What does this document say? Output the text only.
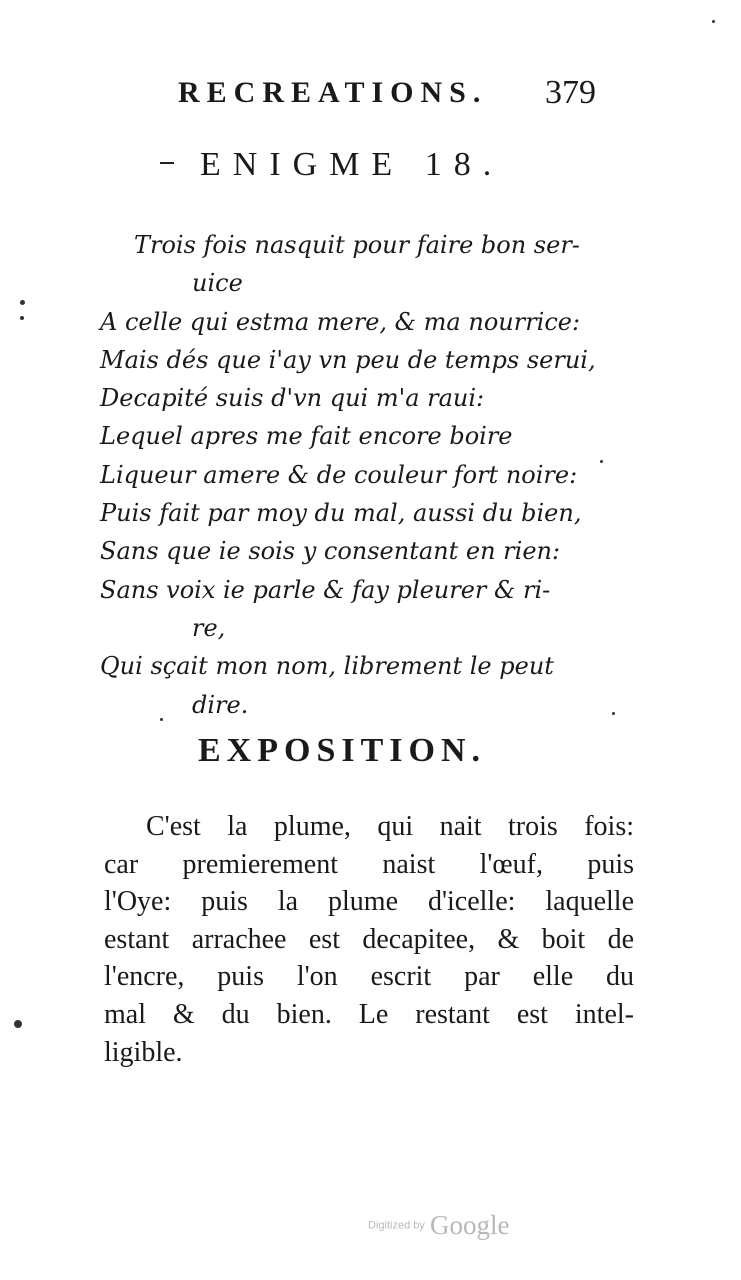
RECREATIONS. 379
ENIGME 18.
Trois fois nasquit pour faire bon ser-
uice
A celle qui estma mere, & ma nourrice:
Mais dés que i'ay vn peu de temps serui,
Decapité suis d'vn qui m'a raui:
Lequel apres me fait encore boire
Liqueur amere & de couleur fort noire:
Puis fait par moy du mal, aussi du bien,
Sans que ie sois y consentant en rien:
Sans voix ie parle & fay pleurer & ri-
re,
Qui sçait mon nom, librement le peut
dire.
EXPOSITION.
C'est la plume, qui nait trois fois:
car premierement naist l'œuf, puis
l'Oye: puis la plume d'icelle: laquelle
estant arrachee est decapitee, & boit de
l'encre, puis l'on escrit par elle du
mal & du bien. Le restant est intel-
ligible.
Digitized by Google
